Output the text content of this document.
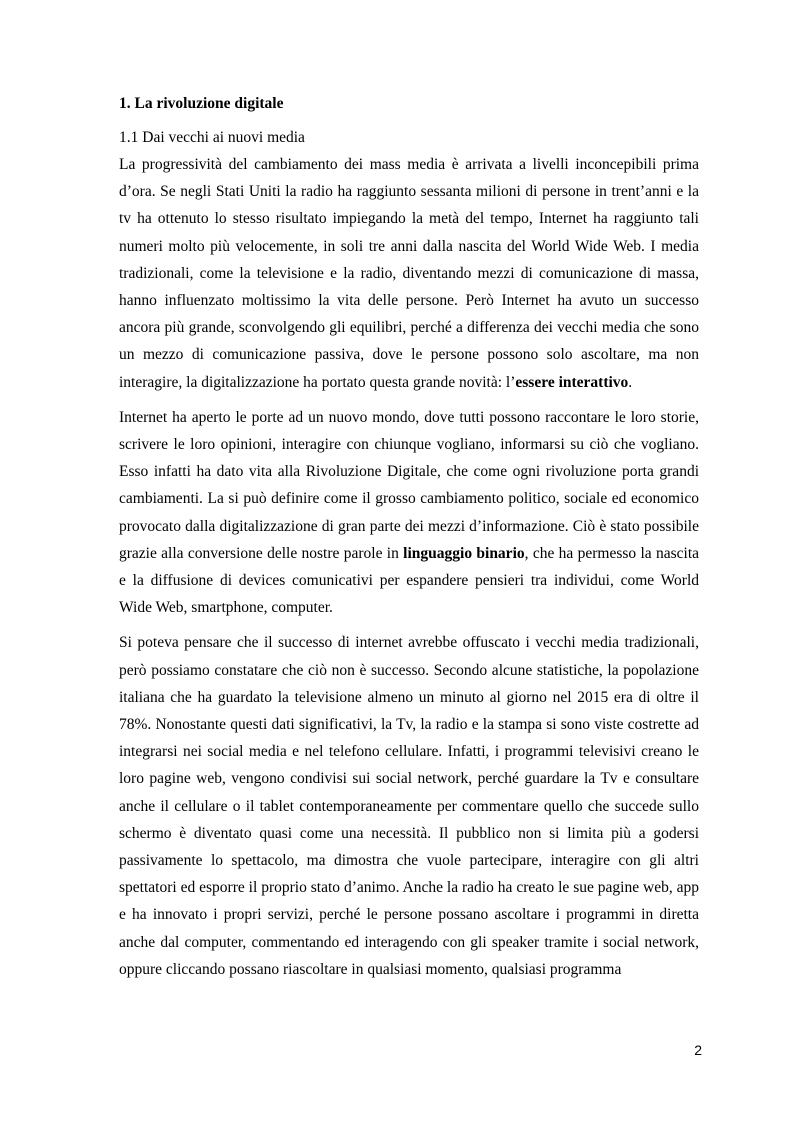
1. La rivoluzione digitale
1.1 Dai vecchi ai nuovi media

La progressività del cambiamento dei mass media è arrivata a livelli inconcepibili prima d’ora. Se negli Stati Uniti la radio ha raggiunto sessanta milioni di persone in trent’anni e la tv ha ottenuto lo stesso risultato impiegando la metà del tempo, Internet ha raggiunto tali numeri molto più velocemente, in soli tre anni dalla nascita del World Wide Web. I media tradizionali, come la televisione e la radio, diventando mezzi di comunicazione di massa, hanno influenzato moltissimo la vita delle persone. Però Internet ha avuto un successo ancora più grande, sconvolgendo gli equilibri, perché a differenza dei vecchi media che sono un mezzo di comunicazione passiva, dove le persone possono solo ascoltare, ma non interagire, la digitalizzazione ha portato questa grande novità: l’essere interattivo.

Internet ha aperto le porte ad un nuovo mondo, dove tutti possono raccontare le loro storie, scrivere le loro opinioni, interagire con chiunque vogliano, informarsi su ciò che vogliano. Esso infatti ha dato vita alla Rivoluzione Digitale, che come ogni rivoluzione porta grandi cambiamenti. La si può definire come il grosso cambiamento politico, sociale ed economico provocato dalla digitalizzazione di gran parte dei mezzi d’informazione. Ciò è stato possibile grazie alla conversione delle nostre parole in linguaggio binario, che ha permesso la nascita e la diffusione di devices comunicativi per espandere pensieri tra individui, come World Wide Web, smartphone, computer.

Si poteva pensare che il successo di internet avrebbe offuscato i vecchi media tradizionali, però possiamo constatare che ciò non è successo. Secondo alcune statistiche, la popolazione italiana che ha guardato la televisione almeno un minuto al giorno nel 2015 era di oltre il 78%. Nonostante questi dati significativi, la Tv, la radio e la stampa si sono viste costrette ad integrarsi nei social media e nel telefono cellulare. Infatti, i programmi televisivi creano le loro pagine web, vengono condivisi sui social network, perché guardare la Tv e consultare anche il cellulare o il tablet contemporaneamente per commentare quello che succede sullo schermo è diventato quasi come una necessità. Il pubblico non si limita più a godersi passivamente lo spettacolo, ma dimostra che vuole partecipare, interagire con gli altri spettatori ed esporre il proprio stato d’animo. Anche la radio ha creato le sue pagine web, app e ha innovato i propri servizi, perché le persone possano ascoltare i programmi in diretta anche dal computer, commentando ed interagendo con gli speaker tramite i social network, oppure cliccando possano riascoltare in qualsiasi momento, qualsiasi programma

2
